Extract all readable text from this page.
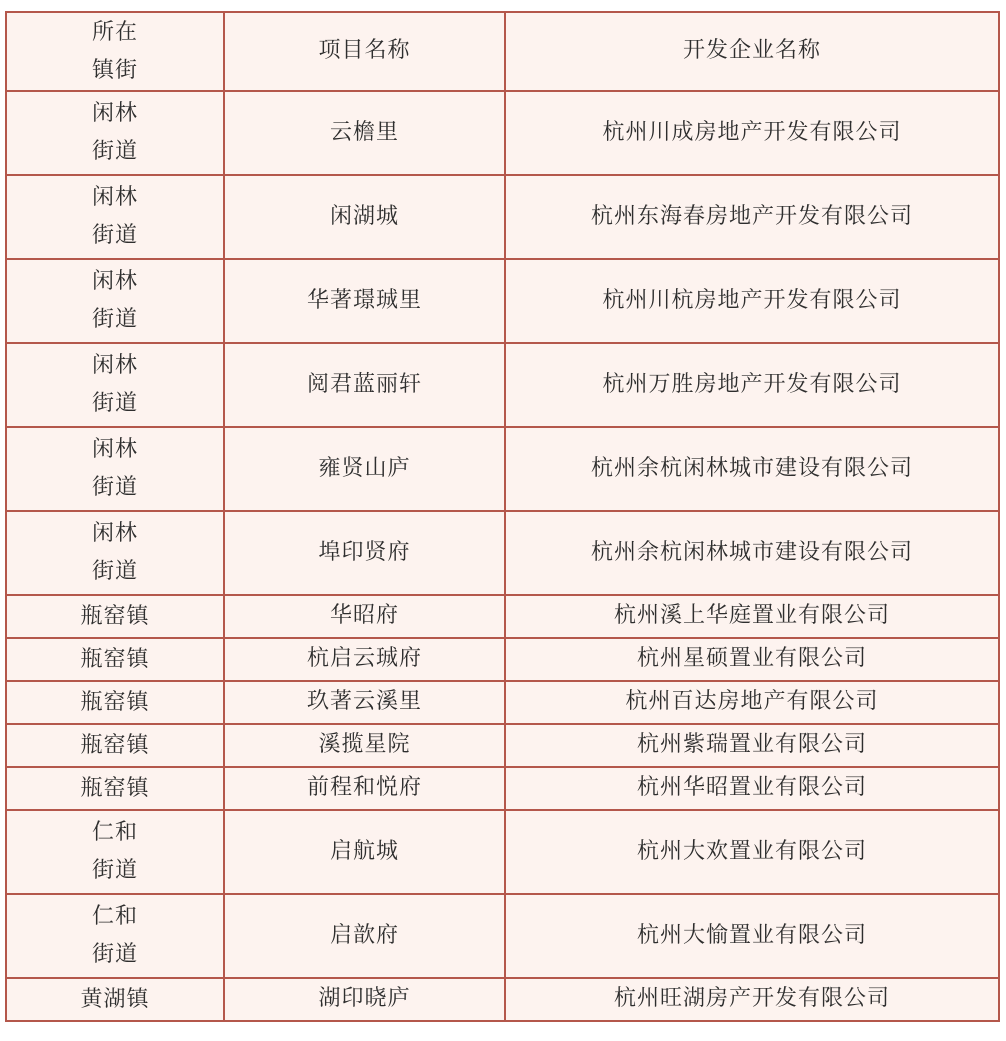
所在
镇街	项目名称	开发企业名称

闲林
街道	云檐里	杭州川成房地产开发有限公司

闲林
街道	闲湖城	杭州东海春房地产开发有限公司

闲林
街道	华著璟珹里	杭州川杭房地产开发有限公司

闲林
街道	阅君蓝丽轩	杭州万胜房地产开发有限公司

闲林
街道	雍贤山庐	杭州余杭闲林城市建设有限公司

闲林
街道	埠印贤府	杭州余杭闲林城市建设有限公司

瓶窑镇	华昭府	杭州溪上华庭置业有限公司

瓶窑镇	杭启云珹府	杭州星硕置业有限公司

瓶窑镇	玖著云溪里	杭州百达房地产有限公司

瓶窑镇	溪揽星院	杭州紫瑞置业有限公司

瓶窑镇	前程和悦府	杭州华昭置业有限公司

仁和
街道	启航城	杭州大欢置业有限公司

仁和
街道	启歆府	杭州大愉置业有限公司

黄湖镇	湖印晓庐	杭州旺湖房产开发有限公司
